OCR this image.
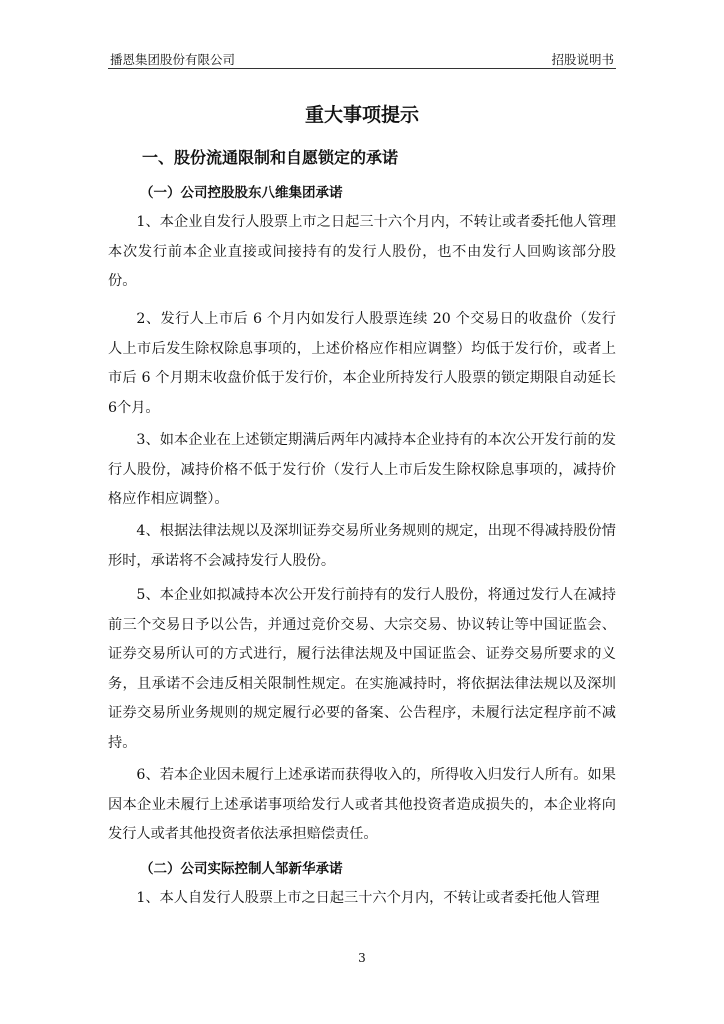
播恩集团股份有限公司	招股说明书
重大事项提示
一、股份流通限制和自愿锁定的承诺
（一）公司控股股东八维集团承诺

1、本企业自发行人股票上市之日起三十六个月内，不转让或者委托他人管理本次发行前本企业直接或间接持有的发行人股份，也不由发行人回购该部分股份。

2、发行人上市后 6 个月内如发行人股票连续 20 个交易日的收盘价（发行人上市后发生除权除息事项的，上述价格应作相应调整）均低于发行价，或者上市后 6 个月期末收盘价低于发行价，本企业所持发行人股票的锁定期限自动延长6个月。

3、如本企业在上述锁定期满后两年内减持本企业持有的本次公开发行前的发行人股份，减持价格不低于发行价（发行人上市后发生除权除息事项的，减持价格应作相应调整）。

4、根据法律法规以及深圳证券交易所业务规则的规定，出现不得减持股份情形时，承诺将不会减持发行人股份。

5、本企业如拟减持本次公开发行前持有的发行人股份，将通过发行人在减持前三个交易日予以公告，并通过竞价交易、大宗交易、协议转让等中国证监会、证券交易所认可的方式进行，履行法律法规及中国证监会、证券交易所要求的义务，且承诺不会违反相关限制性规定。在实施减持时，将依据法律法规以及深圳证券交易所业务规则的规定履行必要的备案、公告程序，未履行法定程序前不减持。

6、若本企业因未履行上述承诺而获得收入的，所得收入归发行人所有。如果因本企业未履行上述承诺事项给发行人或者其他投资者造成损失的，本企业将向发行人或者其他投资者依法承担赔偿责任。

（二）公司实际控制人邹新华承诺

1、本人自发行人股票上市之日起三十六个月内，不转让或者委托他人管理

3
